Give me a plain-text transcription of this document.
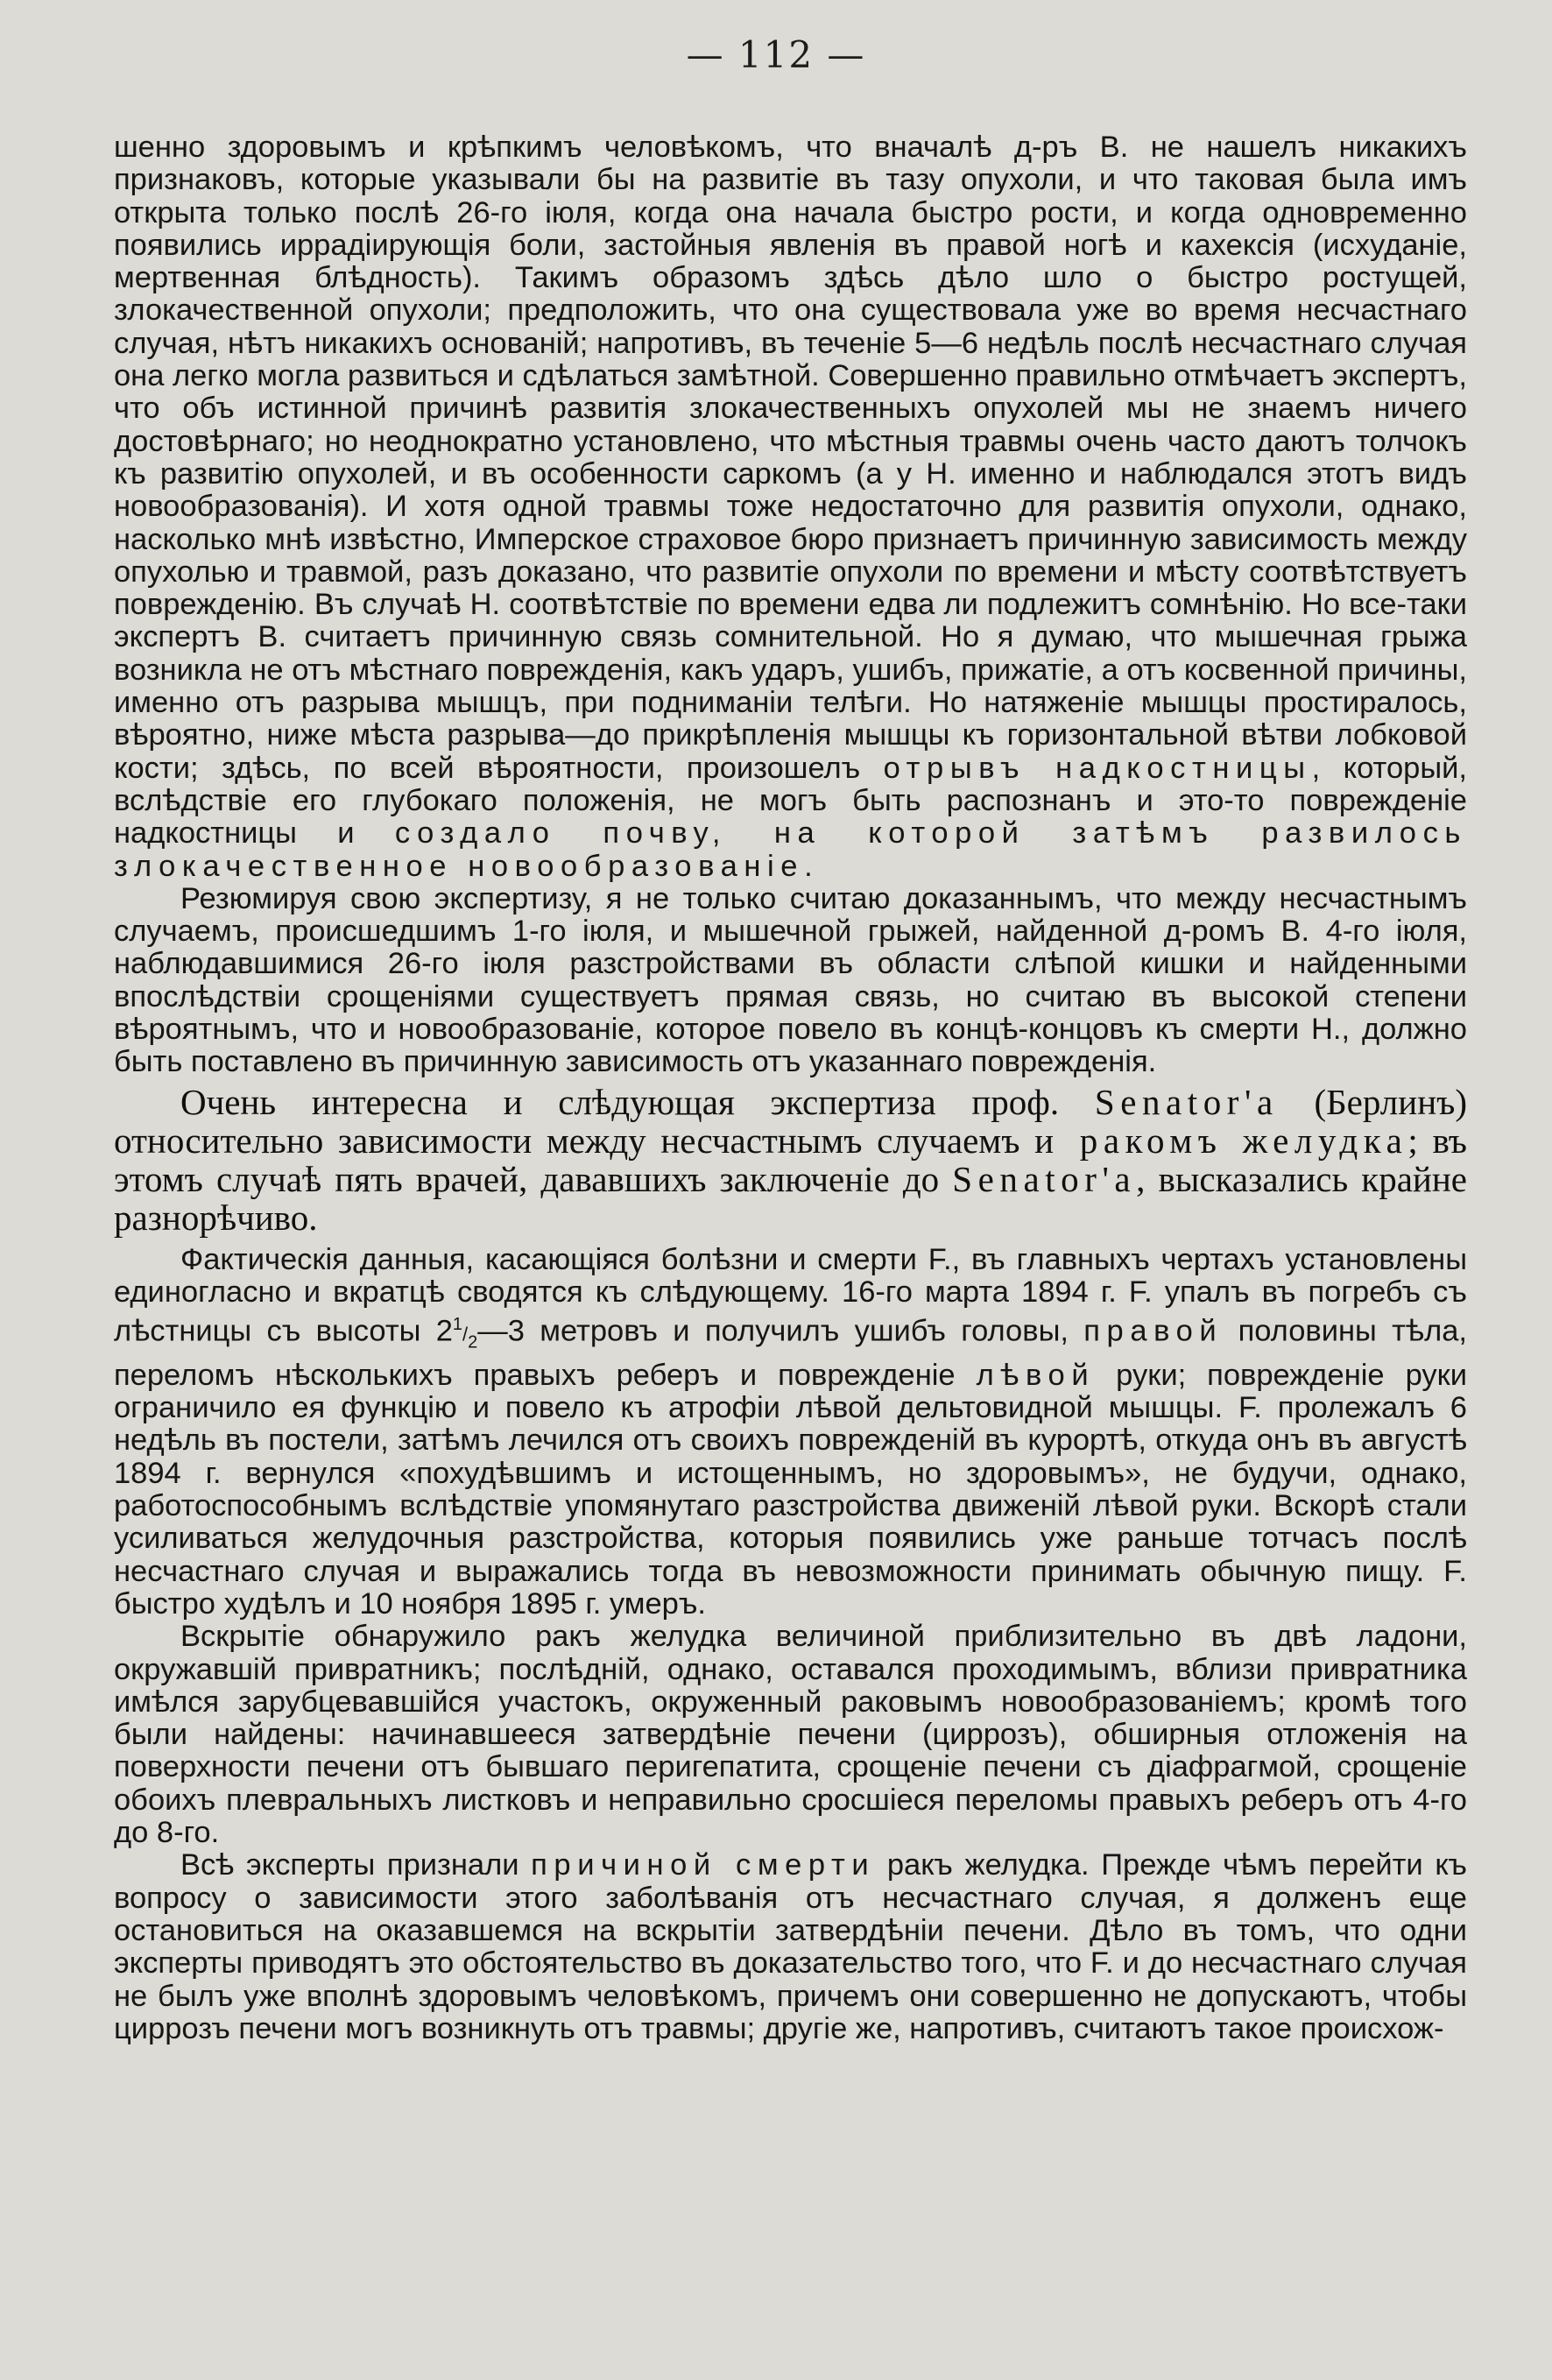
— 112 —

шенно здоровымъ и крѣпкимъ человѣкомъ, что вначалѣ д-ръ В. не нашелъ никакихъ признаковъ, которые указывали бы на развитіе въ тазу опухоли, и что таковая была имъ открыта только послѣ 26-го іюля, когда она начала быстро рости, и когда одновременно появились иррадіирующія боли, застойныя явленія въ правой ногѣ и кахексія (исхуданіе, мертвенная блѣдность). Такимъ образомъ здѣсь дѣло шло о быстро ростущей, злокачественной опухоли; предположить, что она существовала уже во время несчастнаго случая, нѣтъ никакихъ основаній; напротивъ, въ теченіе 5—6 недѣль послѣ несчастнаго случая она легко могла развиться и сдѣлаться замѣтной. Совершенно правильно отмѣчаетъ экспертъ, что объ истинной причинѣ развитія злокачественныхъ опухолей мы не знаемъ ничего достовѣрнаго; но неоднократно установлено, что мѣстныя травмы очень часто даютъ толчокъ къ развитію опухолей, и въ особенности саркомъ (а у Н. именно и наблюдался этотъ видъ новообразованія). И хотя одной травмы тоже недостаточно для развитія опухоли, однако, насколько мнѣ извѣстно, Имперское страховое бюро признаетъ причинную зависимость между опухолью и травмой, разъ доказано, что развитіе опухоли по времени и мѣсту соотвѣтствуетъ поврежденію. Въ случаѣ Н. соотвѣтствіе по времени едва ли подлежитъ сомнѣнію. Но все-таки экспертъ В. считаетъ причинную связь сомнительной. Но я думаю, что мышечная грыжа возникла не отъ мѣстнаго поврежденія, какъ ударъ, ушибъ, прижатіе, а отъ косвенной причины, именно отъ разрыва мышцъ, при подниманіи телѣги. Но натяженіе мышцы простиралось, вѣроятно, ниже мѣста разрыва—до прикрѣпленія мышцы къ горизонтальной вѣтви лобковой кости; здѣсь, по всей вѣроятности, произошелъ отрывъ надкостницы, который, вслѣдствіе его глубокаго положенія, не могъ быть распознанъ и это-то поврежденіе надкостницы и создало почву, на которой затѣмъ развилось злокачественное новообразованіе.

Резюмируя свою экспертизу, я не только считаю доказаннымъ, что между несчастнымъ случаемъ, происшедшимъ 1-го іюля, и мышечной грыжей, найденной д-ромъ В. 4-го іюля, наблюдавшимися 26-го іюля разстройствами въ области слѣпой кишки и найденными впослѣдствіи срощеніями существуетъ прямая связь, но считаю въ высокой степени вѣроятнымъ, что и новообразованіе, которое повело въ концѣ-концовъ къ смерти Н., должно быть поставлено въ причинную зависимость отъ указаннаго поврежденія.

Очень интересна и слѣдующая экспертиза проф. Senator'a (Берлинъ) относительно зависимости между несчастнымъ случаемъ и ракомъ желудка; въ этомъ случаѣ пять врачей, дававшихъ заключеніе до Senator'a, высказались крайне разнорѣчиво.

Фактическія данныя, касающіяся болѣзни и смерти F., въ главныхъ чертахъ установлены единогласно и вкратцѣ сводятся къ слѣдующему. 16-го марта 1894 г. F. упалъ въ погребъ съ лѣстницы съ высоты $2^1/_2—3$ метровъ и получилъ ушибъ головы, правой половины тѣла, переломъ нѣсколькихъ правыхъ реберъ и поврежденіе лѣвой руки; поврежденіе руки ограничило ея функцію и повело къ атрофіи лѣвой дельтовидной мышцы. F. пролежалъ 6 недѣль въ постели, затѣмъ лечился отъ своихъ поврежденій въ курортѣ, откуда онъ въ августѣ 1894 г. вернулся «похудѣвшимъ и истощеннымъ, но здоровымъ», не будучи, однако, работоспособнымъ вслѣдствіе упомянутаго разстройства движеній лѣвой руки. Вскорѣ стали усиливаться желудочныя разстройства, которыя появились уже раньше тотчасъ послѣ несчастнаго случая и выражались тогда въ невозможности принимать обычную пищу. F. быстро худѣлъ и 10 ноября 1895 г. умеръ.

Вскрытіе обнаружило ракъ желудка величиной приблизительно въ двѣ ладони, окружавшій привратникъ; послѣдній, однако, оставался проходимымъ, вблизи привратника имѣлся зарубцевавшійся участокъ, окруженный раковымъ новообразованіемъ; кромѣ того были найдены: начинавшееся затвердѣніе печени (циррозъ), обширныя отложенія на поверхности печени отъ бывшаго перигепатита, срощеніе печени съ діафрагмой, срощеніе обоихъ плевральныхъ листковъ и неправильно сросшіеся переломы правыхъ реберъ отъ 4-го до 8-го.

Всѣ эксперты признали причиной смерти ракъ желудка. Прежде чѣмъ перейти къ вопросу о зависимости этого заболѣванія отъ несчастнаго случая, я долженъ еще остановиться на оказавшемся на вскрытіи затвердѣніи печени. Дѣло въ томъ, что одни эксперты приводятъ это обстоятельство въ доказательство того, что F. и до несчастнаго случая не былъ уже вполнѣ здоровымъ человѣкомъ, причемъ они совершенно не допускаютъ, чтобы циррозъ печени могъ возникнуть отъ травмы; другіе же, напротивъ, считаютъ такое происхож-
